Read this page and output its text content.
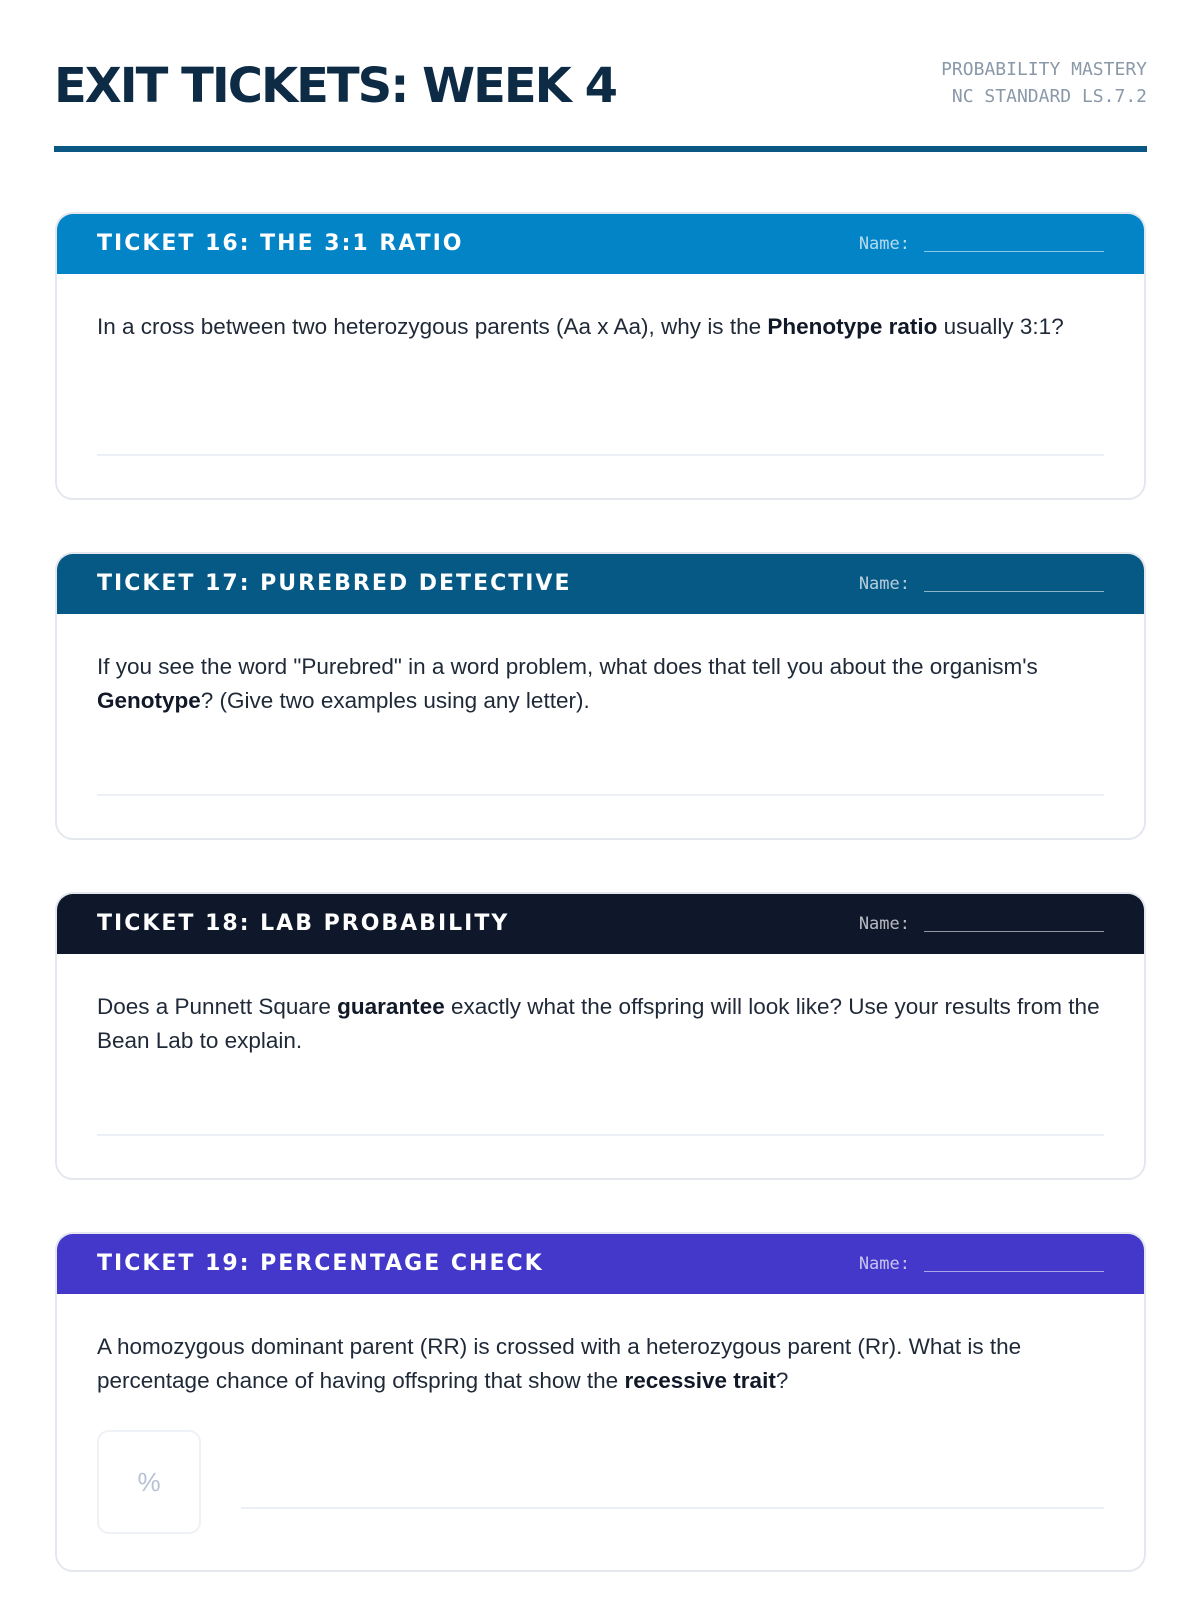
EXIT TICKETS: WEEK 4	PROBABILITY MASTERY
NC STANDARD LS.7.2
TICKET 16: THE 3:1 RATIO	Name:
In a cross between two heterozygous parents (Aa x Aa), why is the Phenotype ratio usually 3:1?
TICKET 17: PUREBRED DETECTIVE	Name:
If you see the word "Purebred" in a word problem, what does that tell you about the organism's Genotype? (Give two examples using any letter).
TICKET 18: LAB PROBABILITY	Name:
Does a Punnett Square guarantee exactly what the offspring will look like? Use your results from the Bean Lab to explain.
TICKET 19: PERCENTAGE CHECK	Name:
A homozygous dominant parent (RR) is crossed with a heterozygous parent (Rr). What is the percentage chance of having offspring that show the recessive trait?
%
